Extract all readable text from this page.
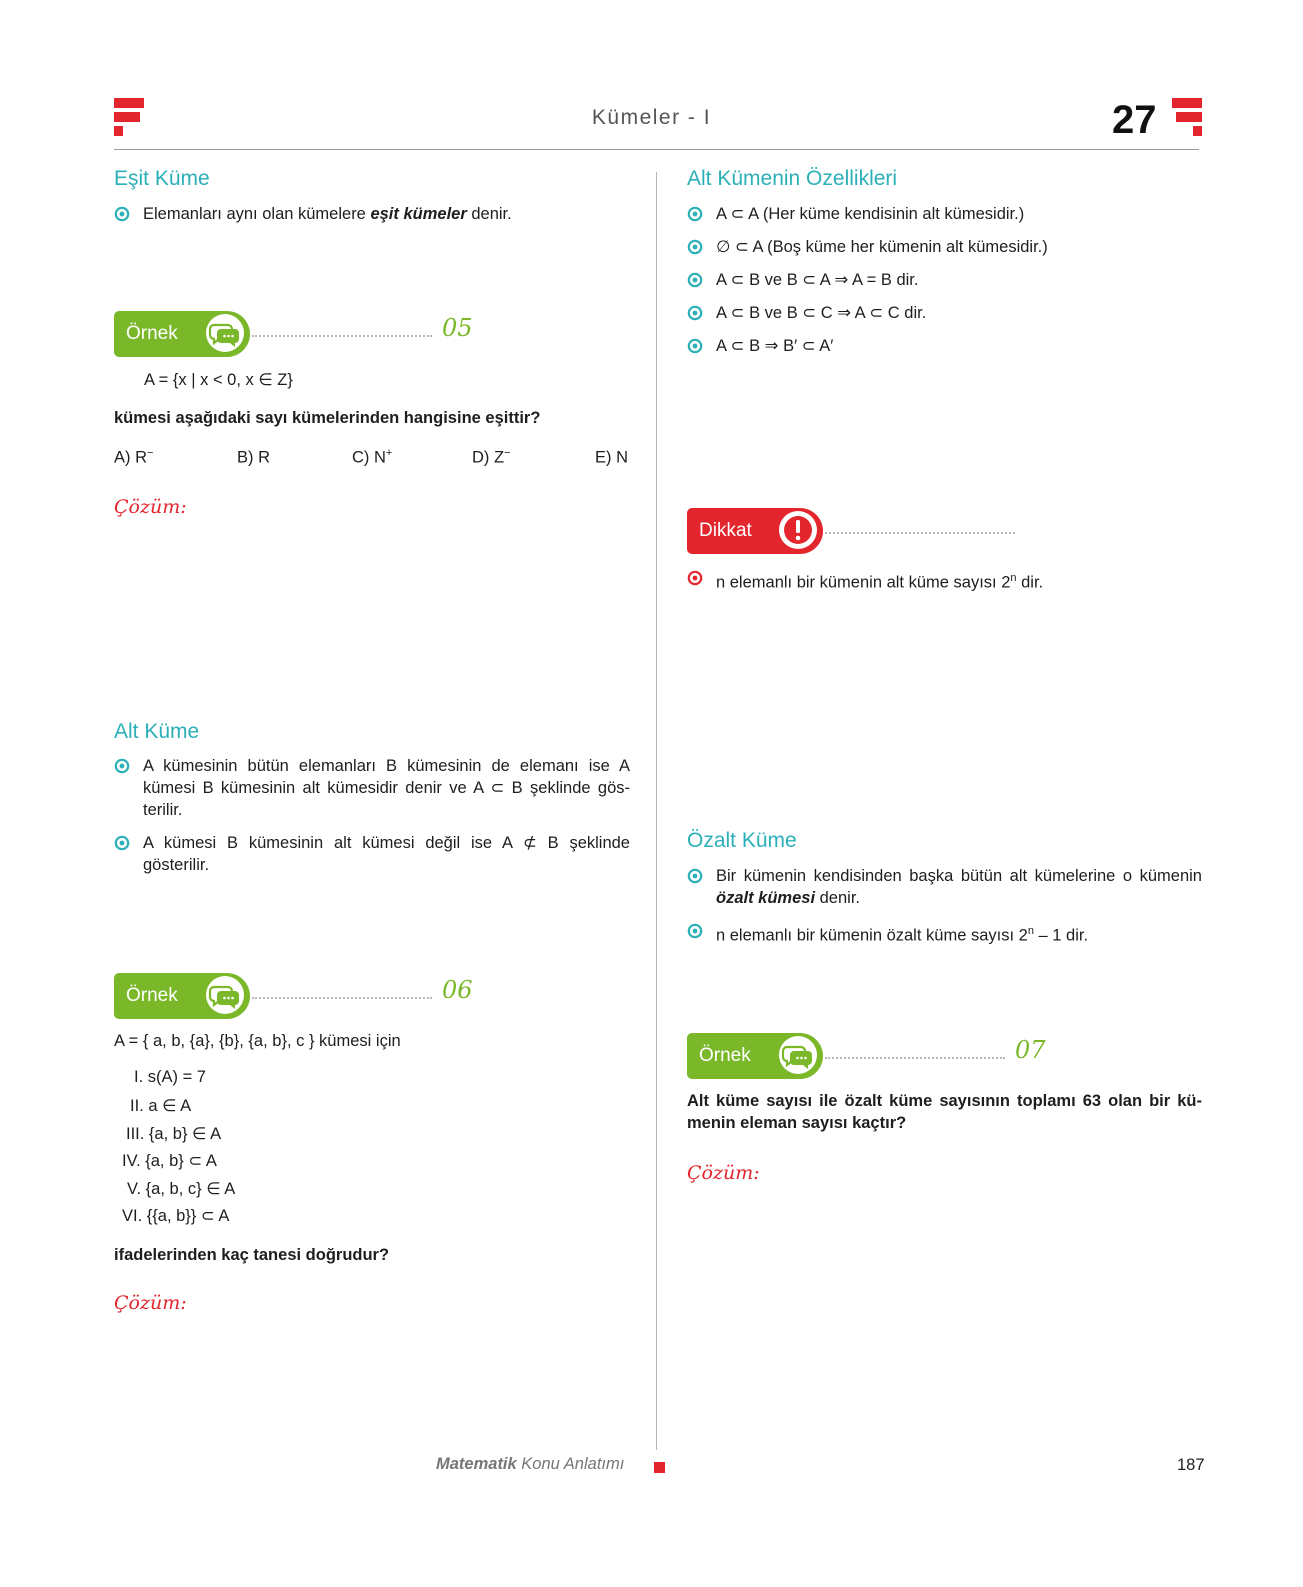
Kümeler - I	27
Eşit Küme
Elemanları aynı olan kümelere eşit kümeler denir.
Örnek	05
A = {x | x < 0, x ∈ Z}
kümesi aşağıdaki sayı kümelerinden hangisine eşittir?
A) R−	B) R	C) N+	D) Z−	E) N
Çözüm:
Alt Küme
A kümesinin bütün elemanları B kümesinin de elemanı ise A kümesi B kümesinin alt kümesidir denir ve A ⊂ B şeklinde gösterilir.
A kümesi B kümesinin alt kümesi değil ise A ⊄ B şeklinde gösterilir.
Örnek	06
A = { a, b, {a}, {b}, {a, b}, c } kümesi için
I. s(A) = 7
II. a ∈ A
III. {a, b} ∈ A
IV. {a, b} ⊂ A
V. {a, b, c} ∈ A
VI. {{a, b}} ⊂ A
ifadelerinden kaç tanesi doğrudur?
Çözüm:
Alt Kümenin Özellikleri
A ⊂ A (Her küme kendisinin alt kümesidir.)
∅ ⊂ A (Boş küme her kümenin alt kümesidir.)
A ⊂ B ve B ⊂ A ⇒ A = B dir.
A ⊂ B ve B ⊂ C ⇒ A ⊂ C dir.
A ⊂ B ⇒ B′ ⊂ A′
Dikkat
n elemanlı bir kümenin alt küme sayısı 2$^n$ dir.
Özalt Küme
Bir kümenin kendisinden başka bütün alt kümelerine o kümenin özalt kümesi denir.
n elemanlı bir kümenin özalt küme sayısı 2$^n$ – 1 dir.
Örnek	07
Alt küme sayısı ile özalt küme sayısının toplamı 63 olan bir kümenin eleman sayısı kaçtır?
Çözüm:
Matematik Konu Anlatımı	187
